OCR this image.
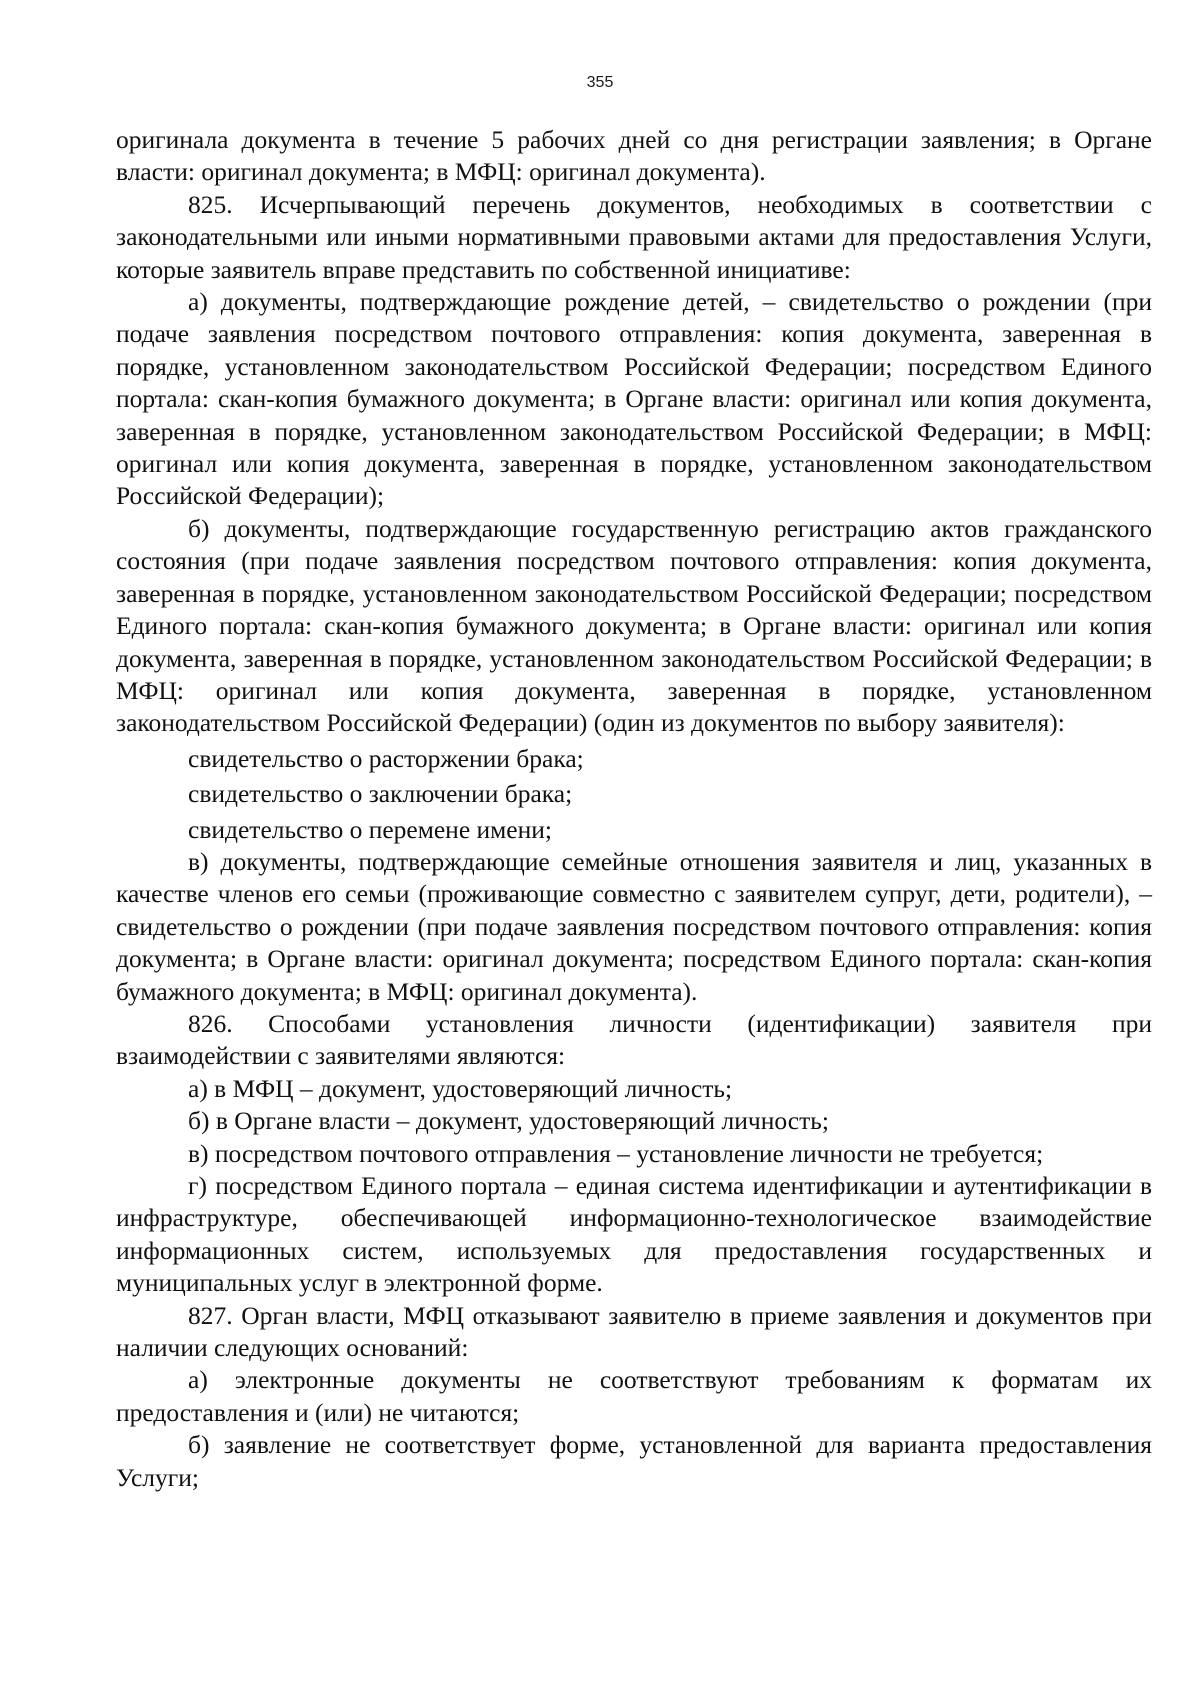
355

оригинала документа в течение 5 рабочих дней со дня регистрации заявления; в Органе власти: оригинал документа; в МФЦ: оригинал документа).

825. Исчерпывающий перечень документов, необходимых в соответствии с законодательными или иными нормативными правовыми актами для предоставления Услуги, которые заявитель вправе представить по собственной инициативе:

а) документы, подтверждающие рождение детей, – свидетельство о рождении (при подаче заявления посредством почтового отправления: копия документа, заверенная в порядке, установленном законодательством Российской Федерации; посредством Единого портала: скан-копия бумажного документа; в Органе власти: оригинал или копия документа, заверенная в порядке, установленном законодательством Российской Федерации; в МФЦ: оригинал или копия документа, заверенная в порядке, установленном законодательством Российской Федерации);

б) документы, подтверждающие государственную регистрацию актов гражданского состояния (при подаче заявления посредством почтового отправления: копия документа, заверенная в порядке, установленном законодательством Российской Федерации; посредством Единого портала: скан-копия бумажного документа; в Органе власти: оригинал или копия документа, заверенная в порядке, установленном законодательством Российской Федерации; в МФЦ: оригинал или копия документа, заверенная в порядке, установленном законодательством Российской Федерации) (один из документов по выбору заявителя):

свидетельство о расторжении брака;

свидетельство о заключении брака;

свидетельство о перемене имени;

в) документы, подтверждающие семейные отношения заявителя и лиц, указанных в качестве членов его семьи (проживающие совместно с заявителем супруг, дети, родители), – свидетельство о рождении (при подаче заявления посредством почтового отправления: копия документа; в Органе власти: оригинал документа; посредством Единого портала: скан-копия бумажного документа; в МФЦ: оригинал документа).

826. Способами установления личности (идентификации) заявителя при взаимодействии с заявителями являются:

а) в МФЦ – документ, удостоверяющий личность;

б) в Органе власти – документ, удостоверяющий личность;

в) посредством почтового отправления – установление личности не требуется;

г) посредством Единого портала – единая система идентификации и аутентификации в инфраструктуре, обеспечивающей информационно-технологическое взаимодействие информационных систем, используемых для предоставления государственных и муниципальных услуг в электронной форме.

827. Орган власти, МФЦ отказывают заявителю в приеме заявления и документов при наличии следующих оснований:

а) электронные документы не соответствуют требованиям к форматам их предоставления и (или) не читаются;

б) заявление не соответствует форме, установленной для варианта предоставления Услуги;
